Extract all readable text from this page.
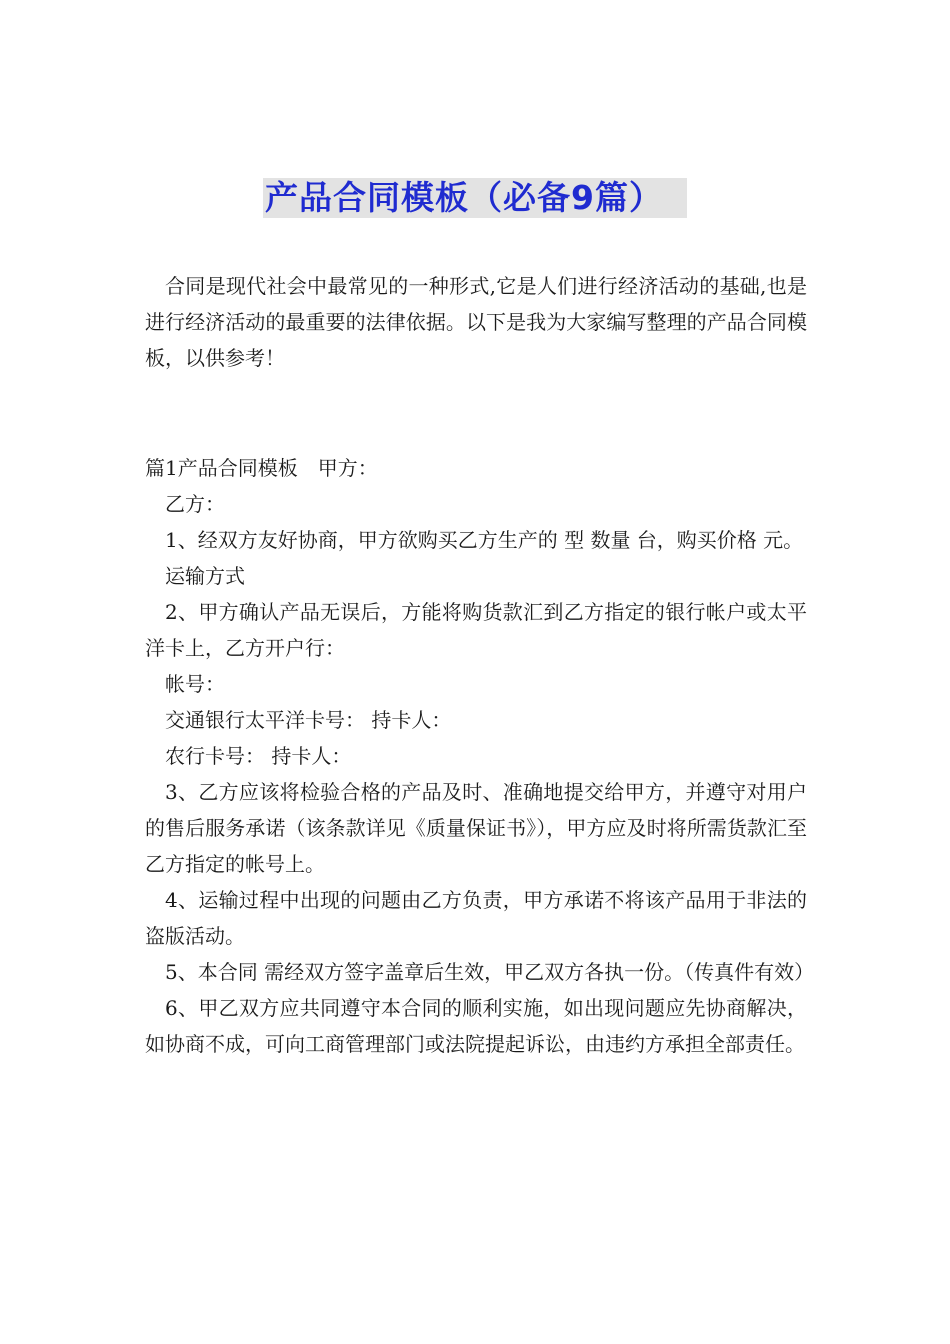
产品合同模板（必备9篇）

合同是现代社会中最常见的一种形式,它是人们进行经济活动的基础,也是进行经济活动的最重要的法律依据。以下是我为大家编写整理的产品合同模板，以供参考！

篇1产品合同模板　甲方：

乙方：

1、经双方友好协商，甲方欲购买乙方生产的 型 数量 台，购买价格 元。

运输方式

2、甲方确认产品无误后，方能将购货款汇到乙方指定的银行帐户或太平洋卡上，乙方开户行：

帐号：

交通银行太平洋卡号： 持卡人：

农行卡号： 持卡人：

3、乙方应该将检验合格的产品及时、准确地提交给甲方，并遵守对用户的售后服务承诺（该条款详见《质量保证书》），甲方应及时将所需货款汇至乙方指定的帐号上。

4、运输过程中出现的问题由乙方负责，甲方承诺不将该产品用于非法的盗版活动。

5、本合同 需经双方签字盖章后生效，甲乙双方各执一份。（传真件有效）

6、甲乙双方应共同遵守本合同的顺利实施，如出现问题应先协商解决，如协商不成，可向工商管理部门或法院提起诉讼，由违约方承担全部责任。
